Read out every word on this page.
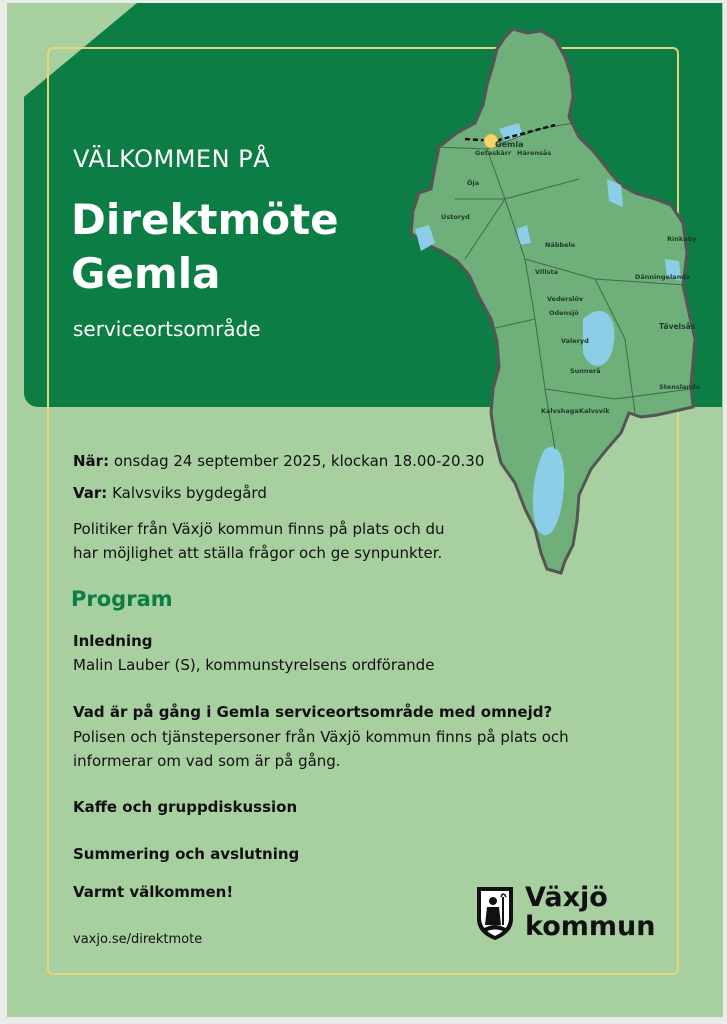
Gemla
Getaskärr Härensås
Öja
Ustoryd
Näbbele
Rinkaby
Villsta
Dänningelanda
Vederslöv
Odensjö
Tävelsås
Valeryd
Sunnerå
Stenslanda
Kalvshaga Kalvsvik
VÄLKOMMEN PÅ
Direktmöte
Gemla
serviceortsområde
När: onsdag 24 september 2025, klockan 18.00-20.30
Var: Kalvsviks bygdegård
Politiker från Växjö kommun finns på plats och du
har möjlighet att ställa frågor och ge synpunkter.
Program
Inledning
Malin Lauber (S), kommunstyrelsens ordförande
Vad är på gång i Gemla serviceortsområde med omnejd?
Polisen och tjänstepersoner från Växjö kommun finns på plats och
informerar om vad som är på gång.
Kaffe och gruppdiskussion
Summering och avslutning
Varmt välkommen!
vaxjo.se/direktmote
Växjö
kommun
